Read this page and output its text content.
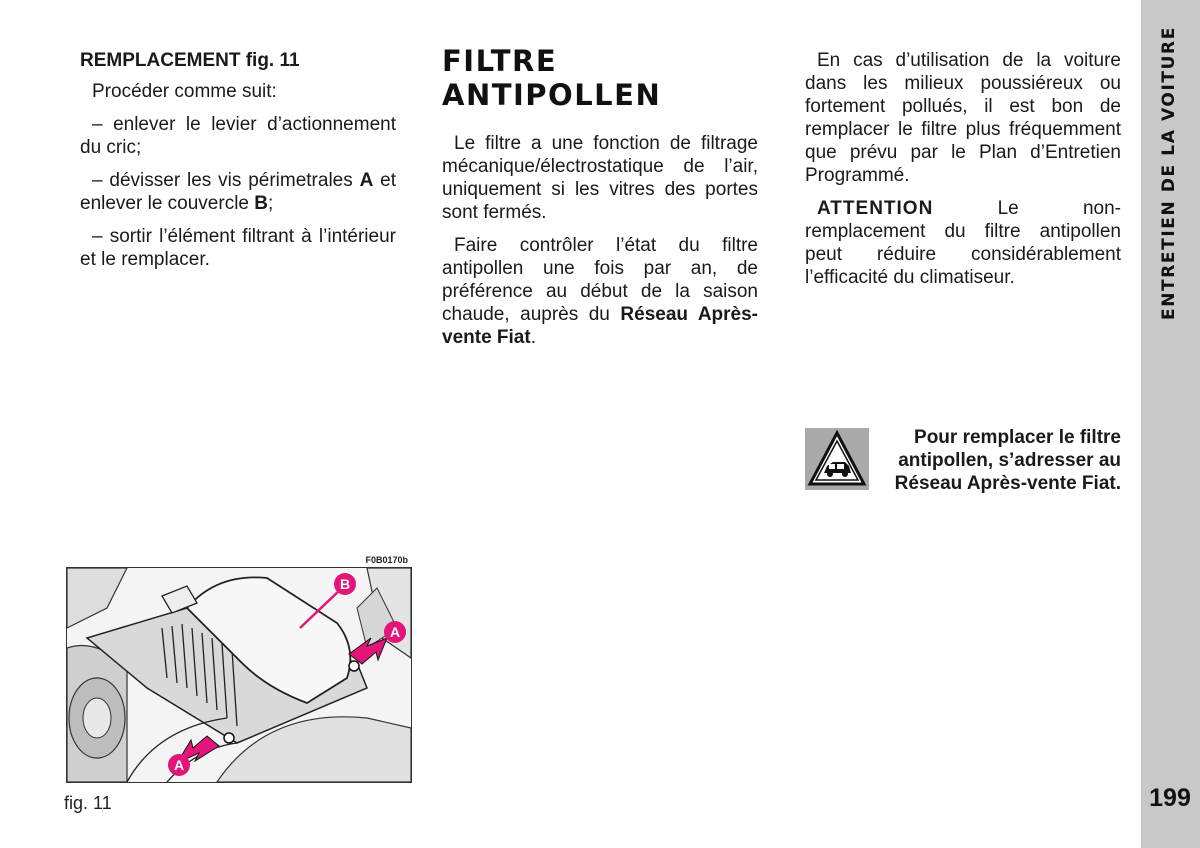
REMPLACEMENT fig. 11

Procéder comme suit:

– enlever le levier d’actionnement du cric;

– dévisser les vis périmetrales A et enlever le couvercle B;

– sortir l’élément filtrant à l’intérieur et le remplacer.

FILTRE ANTIPOLLEN

Le filtre a une fonction de filtrage mécanique/électrostatique de l’air, uniquement si les vitres des portes sont fermés.

Faire contrôler l’état du filtre antipollen une fois par an, de préférence au début de la saison chaude, auprès du Réseau Après-vente Fiat.

En cas d’utilisation de la voiture dans les milieux poussiéreux ou fortement pollués, il est bon de remplacer le filtre plus fréquemment que prévu par le Plan d’Entretien Programmé.

ATTENTION Le non-remplacement du filtre antipollen peut réduire considérablement l’efficacité du climatiseur.

Pour remplacer le filtre antipollen, s’adresser au Réseau Après-vente Fiat.
F0B0170b
B
A
A
fig. 11
ENTRETIEN DE LA VOITURE
199
